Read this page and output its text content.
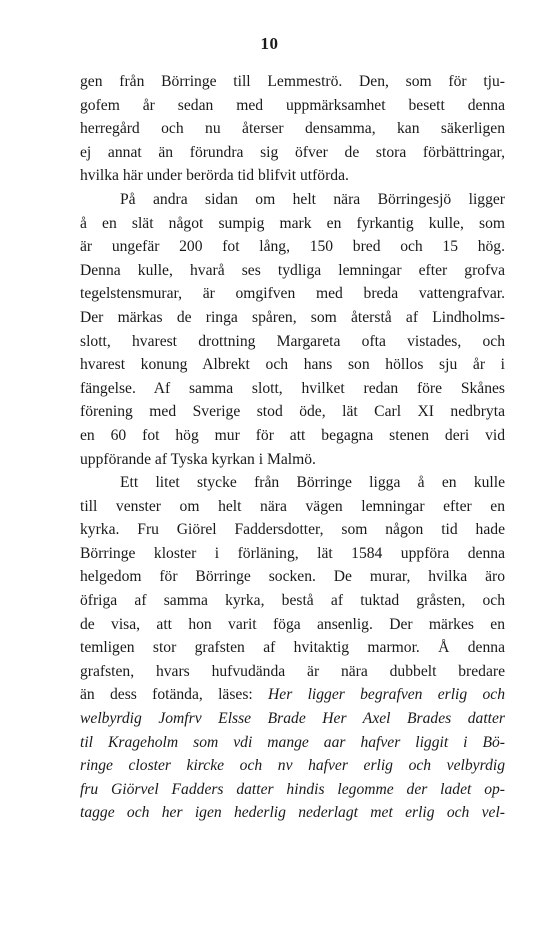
10
gen från Börringe till Lemmeströ. Den, som för tju-
gofem år sedan med uppmärksamhet besett denna
herregård och nu återser densamma, kan säkerligen
ej annat än förundra sig öfver de stora förbättringar,
hvilka här under berörda tid blifvit utförda.
På andra sidan om helt nära Börringesjö ligger
å en slät något sumpig mark en fyrkantig kulle, som
är ungefär 200 fot lång, 150 bred och 15 hög.
Denna kulle, hvarå ses tydliga lemningar efter grofva
tegelstensmurar, är omgifven med breda vattengrafvar.
Der märkas de ringa spåren, som återstå af Lindholms-
slott, hvarest drottning Margareta ofta vistades, och
hvarest konung Albrekt och hans son höllos sju år i
fängelse. Af samma slott, hvilket redan före Skånes
förening med Sverige stod öde, lät Carl XI nedbryta
en 60 fot hög mur för att begagna stenen deri vid
uppförande af Tyska kyrkan i Malmö.
Ett litet stycke från Börringe ligga å en kulle
till venster om helt nära vägen lemningar efter en
kyrka. Fru Giörel Faddersdotter, som någon tid hade
Börringe kloster i förläning, lät 1584 uppföra denna
helgedom för Börringe socken. De murar, hvilka äro
öfriga af samma kyrka, bestå af tuktad gråsten, och
de visa, att hon varit föga ansenlig. Der märkes en
temligen stor grafsten af hvitaktig marmor. Å denna
grafsten, hvars hufvudända är nära dubbelt bredare
än dess fotända, läses: Her ligger begrafven erlig och
welbyrdig Jomfrv Elsse Brade Her Axel Brades datter
til Krageholm som vdi mange aar hafver liggit i Bö-
ringe closter kircke och nv hafver erlig och velbyrdig
fru Giörvel Fadders datter hindis legomme der ladet op-
tagge och her igen hederlig nederlagt met erlig och vel-
